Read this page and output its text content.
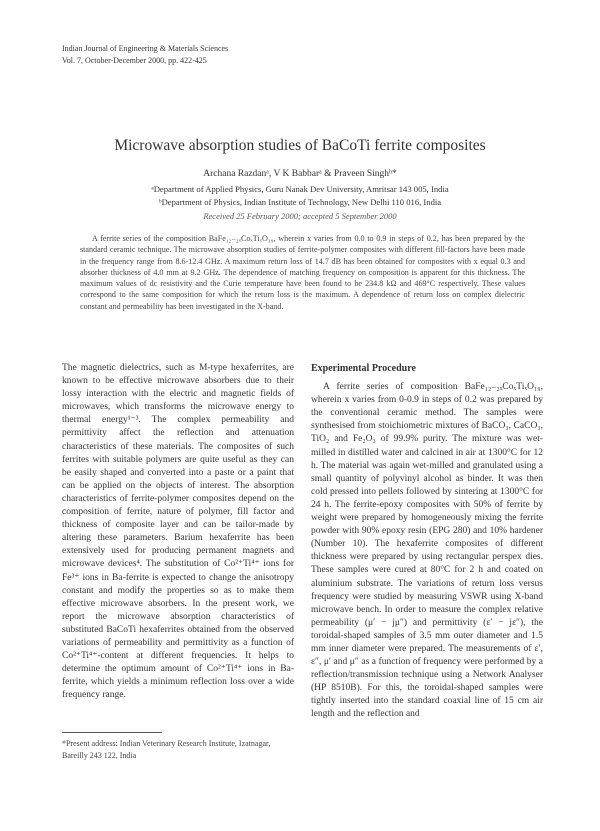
Indian Journal of Engineering & Materials Sciences
Vol. 7, October-December 2000, pp. 422-425
Microwave absorption studies of BaCoTi ferrite composites
Archana Razdanᵃ, V K Babbarᵃ & Praveen Singhᵇ*
ᵃDepartment of Applied Physics, Guru Nanak Dev University, Amritsar 143 005, India
ᵇDepartment of Physics, Indian Institute of Technology, New Delhi 110 016, India
Received 25 February 2000; accepted 5 September 2000
A ferrite series of the composition BaFe₁₂₋₂ₓCoₓTiₓO₁₉, wherein x varies from 0.0 to 0.9 in steps of 0.2, has been prepared by the standard ceramic technique. The microwave absorption studies of ferrite-polymer composites with different fill-factors have been made in the frequency range from 8.6-12.4 GHz. A maximum return loss of 14.7 dB has been obtained for composites with x equal 0.3 and absorber thickness of 4.0 mm at 9.2 GHz. The dependence of matching frequency on composition is apparent for this thickness. The maximum values of dc resistivity and the Curie temperature have been found to be 234.8 kΩ and 469°C respectively. These values correspond to the same composition for which the return loss is the maximum. A dependence of return loss on complex dielectric constant and permeability has been investigated in the X-band.
The magnetic dielectrics, such as M-type hexaferrites, are known to be effective microwave absorbers due to their lossy interaction with the electric and magnetic fields of microwaves, which transforms the microwave energy to thermal energy¹⁻³. The complex permeability and permittivity affect the reflection and attenuation characteristics of these materials. The composites of such ferrites with suitable polymers are quite useful as they can be easily shaped and converted into a paste or a paint that can be applied on the objects of interest. The absorption characteristics of ferrite-polymer composites depend on the composition of ferrite, nature of polymer, fill factor and thickness of composite layer and can be tailor-made by altering these parameters. Barium hexaferrite has been extensively used for producing permanent magnets and microwave devices⁴. The substitution of Co²⁺Ti⁴⁺ ions for Fe³⁺ ions in Ba-ferrite is expected to change the anisotropy constant and modify the properties so as to make them effective microwave absorbers. In the present work, we report the microwave absorption characteristics of substituted BaCoTi hexaferrites obtained from the observed variations of permeability and permittivity as a function of Co²⁺Ti⁴⁺-content at different frequencies. It helps to determine the optimum amount of Co²⁺Ti⁴⁺ ions in Ba-ferrite, which yields a minimum reflection loss over a wide frequency range.
*Present address: Indian Veterinary Research Institute, Izatnagar, Bareilly 243 122, India
Experimental Procedure
A ferrite series of composition BaFe₁₂₋₂ₓCoₓTiₓO₁₉, wherein x varies from 0-0.9 in steps of 0.2 was prepared by the conventional ceramic method. The samples were synthesised from stoichiometric mixtures of BaCO₃, CaCO₃, TiO₂ and Fe₂O₃ of 99.9% purity. The mixture was wet-milled in distilled water and calcined in air at 1300°C for 12 h. The material was again wet-milled and granulated using a small quantity of polyvinyl alcohol as binder. It was then cold pressed into pellets followed by sintering at 1300°C for 24 h. The ferrite-epoxy composites with 50% of ferrite by weight were prepared by homogeneously mixing the ferrite powder with 90% epoxy resin (EPG 280) and 10% hardener (Number 10). The hexaferrite composites of different thickness were prepared by using rectangular perspex dies. These samples were cured at 80°C for 2 h and coated on aluminium substrate. The variations of return loss versus frequency were studied by measuring VSWR using X-band microwave bench. In order to measure the complex relative permeability (μ′ − jμ″) and permittivity (ε′ − jε″), the toroidal-shaped samples of 3.5 mm outer diameter and 1.5 mm inner diameter were prepared. The measurements of ε′, ε″, μ′ and μ″ as a function of frequency were performed by a reflection/transmission technique using a Network Analyser (HP 8510B). For this, the toroidal-shaped samples were tightly inserted into the standard coaxial line of 15 cm air length and the reflection and
